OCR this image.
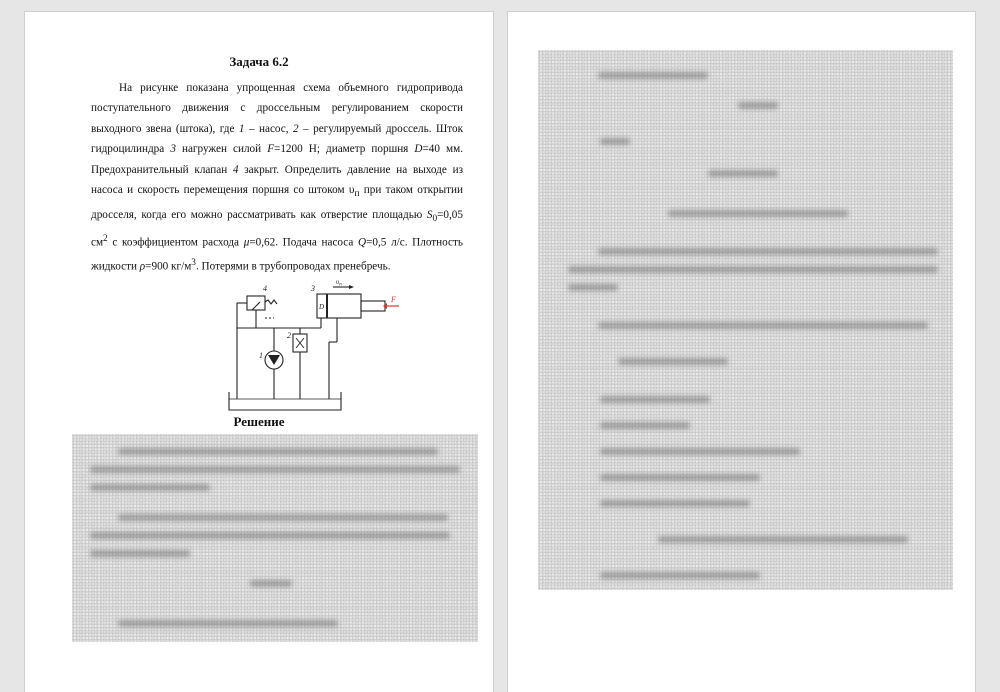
Задача 6.2

На рисунке показана упрощенная схема объемного гидропривода поступательного движения с дроссельным регулированием скорости выходного звена (штока), где 1 – насос, 2 – регулируемый дроссель. Шток гидроцилиндра 3 нагружен силой F=1200 Н; диаметр поршня D=40 мм. Предохранительный клапан 4 закрыт. Определить давление на выходе из насоса и скорость перемещения поршня со штоком $\upsilon_п$ при таком открытии дросселя, когда его можно рассматривать как отверстие площадью $S_0=0,05$ $см^2$ с коэффициентом расхода μ=0,62. Подача насоса Q=0,5 л/с. Плотность жидкости ρ=900 $кг/м^3$. Потерями в трубопроводах пренебречь.

4	3
2
1
F
D
$\upsilon_п$
Решение
